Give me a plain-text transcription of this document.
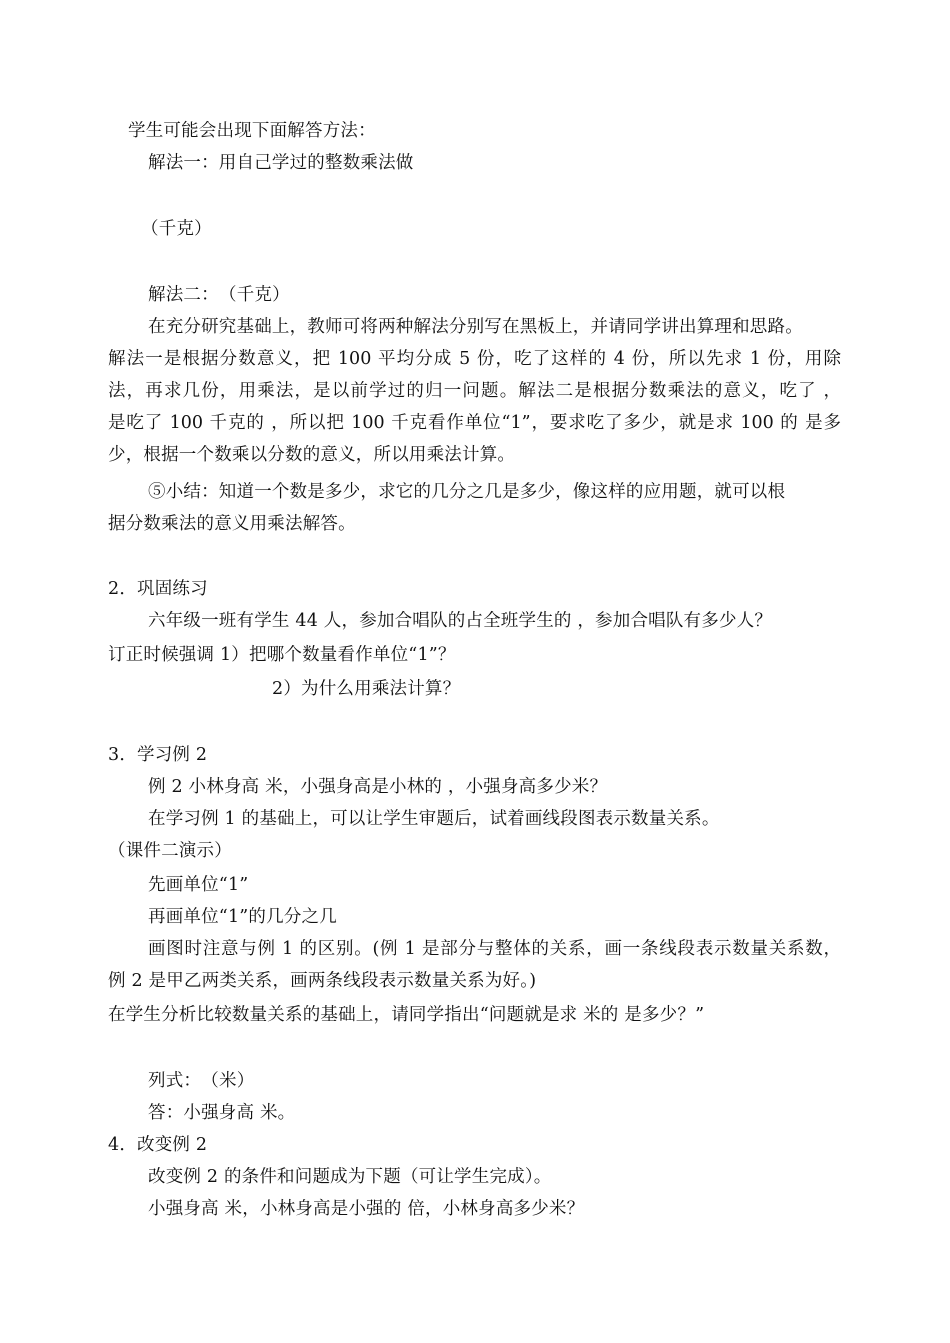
学生可能会出现下面解答方法：
解法一：用自己学过的整数乘法做
（千克）
解法二：　（千克）
在充分研究基础上，教师可将两种解法分别写在黑板上，并请同学讲出算理和思路。
解法一是根据分数意义，把 100 平均分成 5 份，吃了这样的 4 份，所以先求 1 份，用除
法，再求几份，用乘法，是以前学过的归一问题。解法二是根据分数乘法的意义，吃了 ，
是吃了 100 千克的 ，所以把 100 千克看作单位“1”，要求吃了多少，就是求 100 的 是多
少，根据一个数乘以分数的意义，所以用乘法计算。
⑤小结：知道一个数是多少，求它的几分之几是多少，像这样的应用题，就可以根
据分数乘法的意义用乘法解答。
2．巩固练习
六年级一班有学生 44 人，参加合唱队的占全班学生的 ，参加合唱队有多少人？
订正时候强调 1）把哪个数量看作单位“1”？
2）为什么用乘法计算？
3．学习例 2
例 2 小林身高 米，小强身高是小林的 ，小强身高多少米？
在学习例 1 的基础上，可以让学生审题后，试着画线段图表示数量关系。
（课件二演示）
先画单位“1”
再画单位“1”的几分之几
画图时注意与例 1 的区别。(例 1 是部分与整体的关系，画一条线段表示数量关系数，
例 2 是甲乙两类关系，画两条线段表示数量关系为好。)
在学生分析比较数量关系的基础上，请同学指出“问题就是求 米的 是多少？”
列式：　（米）
答：小强身高 米。
4．改变例 2
改变例 2 的条件和问题成为下题（可让学生完成）。
小强身高 米，小林身高是小强的 倍，小林身高多少米？
